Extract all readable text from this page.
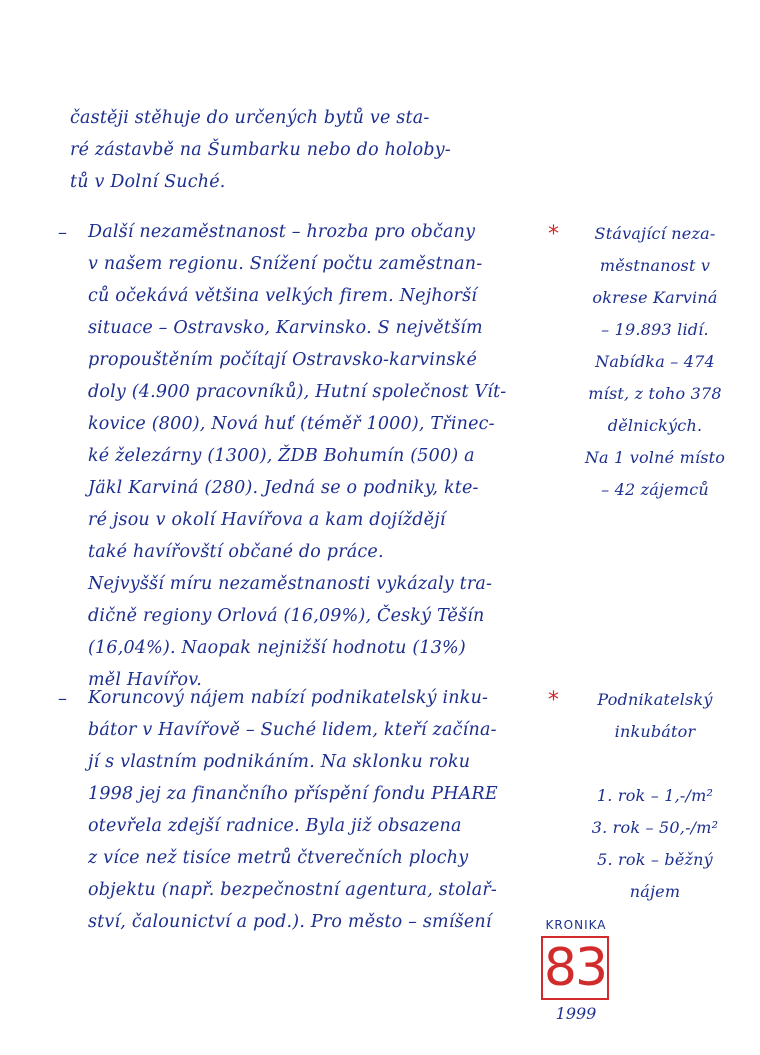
častěji stěhuje do určených bytů ve sta-
ré zástavbě na Šumbarku nebo do holoby-
tů v Dolní Suché.
– Další nezaměstnanost – hrozba pro občany
v našem regionu. Snížení počtu zaměstnan-
ců očekává většina velkých firem. Nejhorší
situace – Ostravsko, Karvinsko. S největším
propouštěním počítají Ostravsko-karvinské
doly (4.900 pracovníků), Hutní společnost Vít-
kovice (800), Nová huť (téměř 1000), Třinec-
ké železárny (1300), ŽDB Bohumín (500) a
Jäkl Karviná (280). Jedná se o podniky, kte-
ré jsou v okolí Havířova a kam dojíždějí
také havířovští občané do práce.
Nejvyšší míru nezaměstnanosti vykázaly tra-
dičně regiony Orlová (16,09%), Český Těšín
(16,04%). Naopak nejnižší hodnotu (13%)
měl Havířov.
*	Stávající neza-
městnanost v
okrese Karviná
– 19.893 lidí.
Nabídka – 474
míst, z toho 378
dělnických.
Na 1 volné místo
– 42 zájemců
– Koruncový nájem nabízí podnikatelský inku-
bátor v Havířově – Suché lidem, kteří začína-
jí s vlastním podnikáním. Na sklonku roku
1998 jej za finančního příspění fondu PHARE
otevřela zdejší radnice. Byla již obsazena
z více než tisíce metrů čtverečních plochy
objektu (např. bezpečnostní agentura, stolař-
ství, čalounictví a pod.). Pro město – smíšení
*	Podnikatelský
inkubátor
1. rok – 1,-/m²
3. rok – 50,-/m²
5. rok – běžný
nájem
KRONIKA
83
1999
